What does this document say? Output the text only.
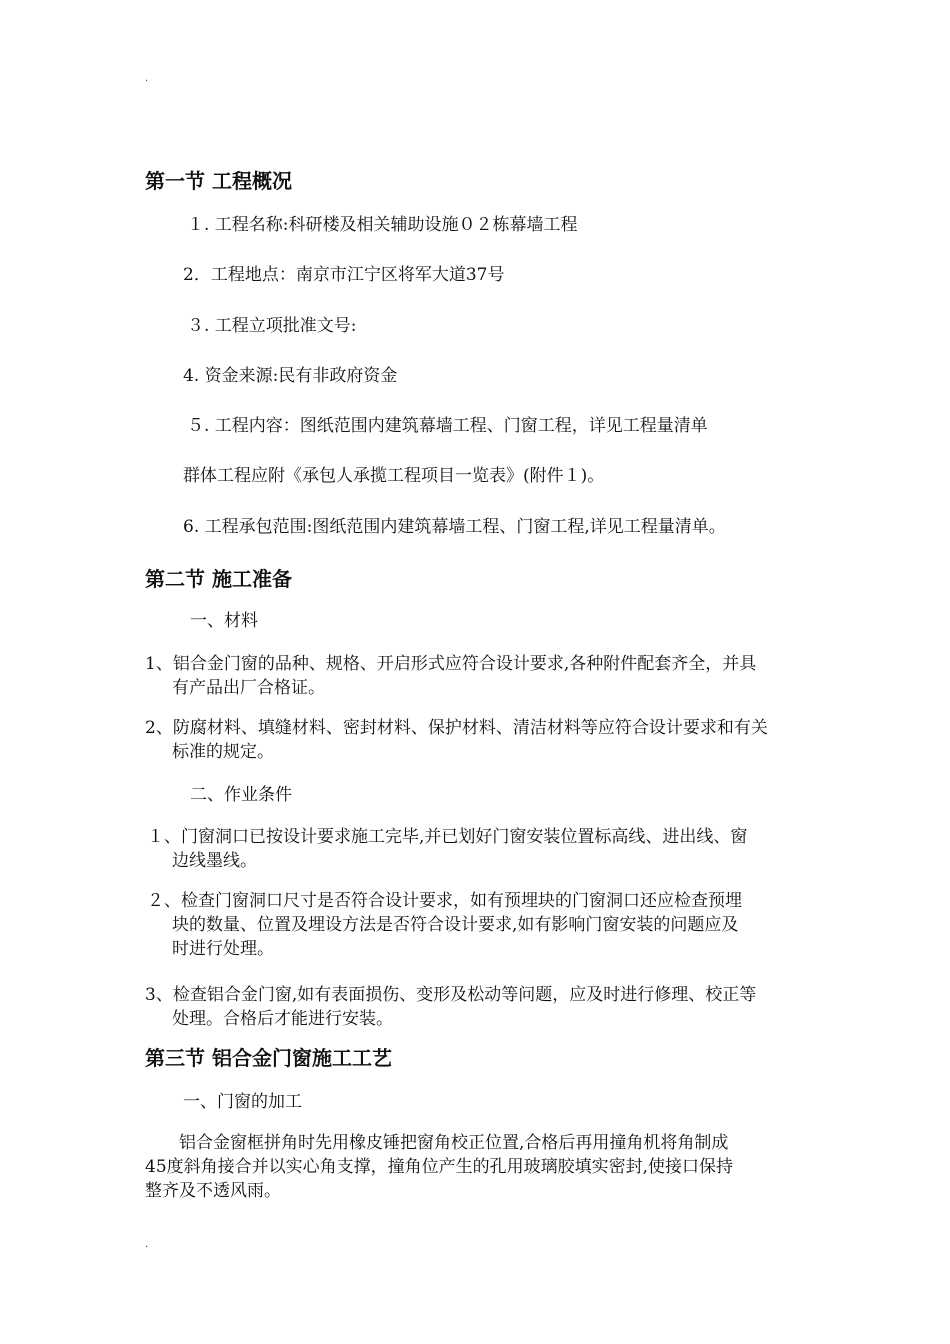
.
第一节 工程概况
１. 工程名称:科研楼及相关辅助设施０２栋幕墙工程
2．工程地点：南京市江宁区将军大道37号
３. 工程立项批准文号:
4. 资金来源:民有非政府资金
５. 工程内容：图纸范围内建筑幕墙工程、门窗工程，详见工程量清单
群体工程应附《承包人承揽工程项目一览表》(附件１)。
6. 工程承包范围:图纸范围内建筑幕墙工程、门窗工程,详见工程量清单。
第二节 施工准备
一、材料
1、铝合金门窗的品种、规格、开启形式应符合设计要求,各种附件配套齐全，并具
有产品出厂合格证。
2、防腐材料、填缝材料、密封材料、保护材料、清洁材料等应符合设计要求和有关
标准的规定。
二、作业条件
１、门窗洞口已按设计要求施工完毕,并已划好门窗安装位置标高线、进出线、窗
边线墨线。
２、检查门窗洞口尺寸是否符合设计要求，如有预埋块的门窗洞口还应检查预埋
块的数量、位置及埋设方法是否符合设计要求,如有影响门窗安装的问题应及
时进行处理。
3、检查铝合金门窗,如有表面损伤、变形及松动等问题，应及时进行修理、校正等
处理。合格后才能进行安装。
第三节 铝合金门窗施工工艺
一、门窗的加工
铝合金窗框拼角时先用橡皮锤把窗角校正位置,合格后再用撞角机将角制成
45度斜角接合并以实心角支撑，撞角位产生的孔用玻璃胶填实密封,使接口保持
整齐及不透风雨。
.
